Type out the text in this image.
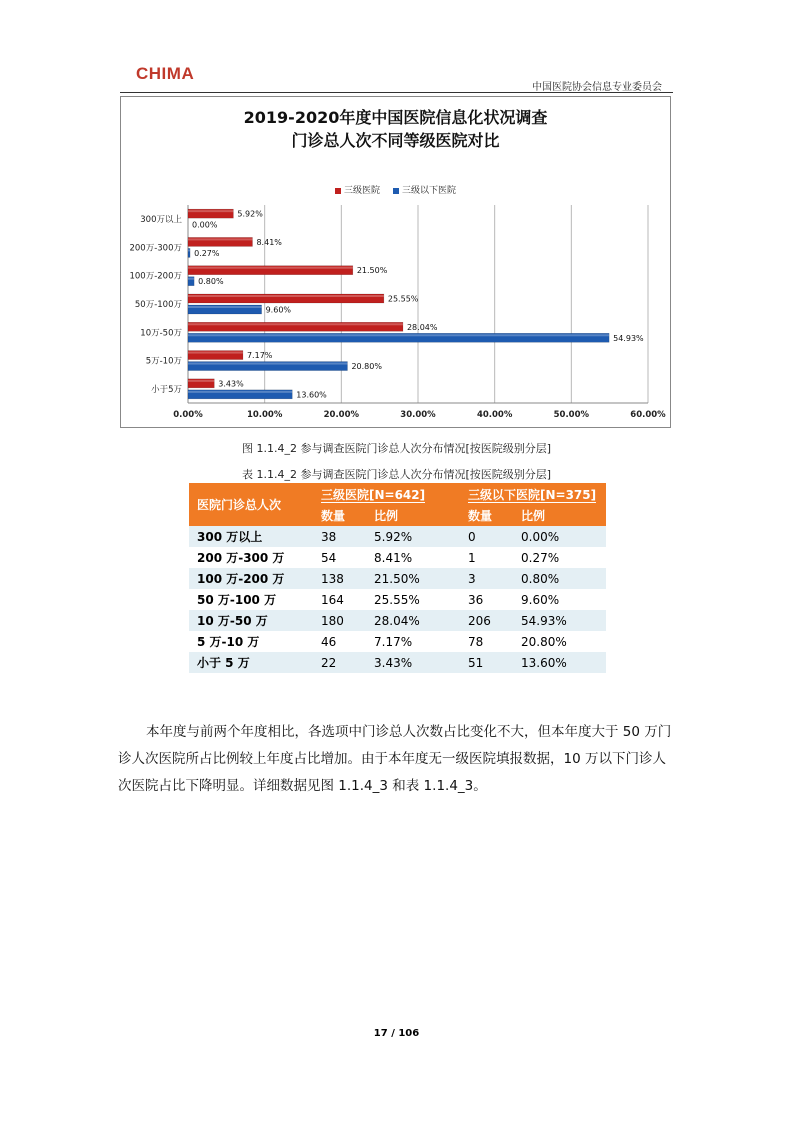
CHIMA
中国医院协会信息专业委员会
2019-2020年度中国医院信息化状况调查
门诊总人次不同等级医院对比
三级医院 三级以下医院
0.00%	10.00%	20.00%	30.00%	40.00%	50.00%	60.00%
300万以上
5.92%
0.00%
200万-300万
8.41%
0.27%
100万-200万
21.50%
0.80%
50万-100万
25.55%
9.60%
10万-50万
28.04%
54.93%
5万-10万
7.17%
20.80%
小于5万
3.43%
13.60%
图 1.1.4_2 参与调查医院门诊总人次分布情况[按医院级别分层]
表 1.1.4_2 参与调查医院门诊总人次分布情况[按医院级别分层]
医院门诊总人次	三级医院[N=642]		三级以下医院[N=375]	
	数量	比例	数量	比例
300 万以上	38	5.92%	0	0.00%
200 万-300 万	54	8.41%	1	0.27%
100 万-200 万	138	21.50%	3	0.80%
50 万-100 万	164	25.55%	36	9.60%
10 万-50 万	180	28.04%	206	54.93%
5 万-10 万	46	7.17%	78	20.80%
小于 5 万	22	3.43%	51	13.60%

本年度与前两个年度相比，各选项中门诊总人次数占比变化不大，但本年度大于 50 万门诊人次医院所占比例较上年度占比增加。由于本年度无一级医院填报数据，10 万以下门诊人次医院占比下降明显。详细数据见图 1.1.4_3 和表 1.1.4_3。

17 / 106
